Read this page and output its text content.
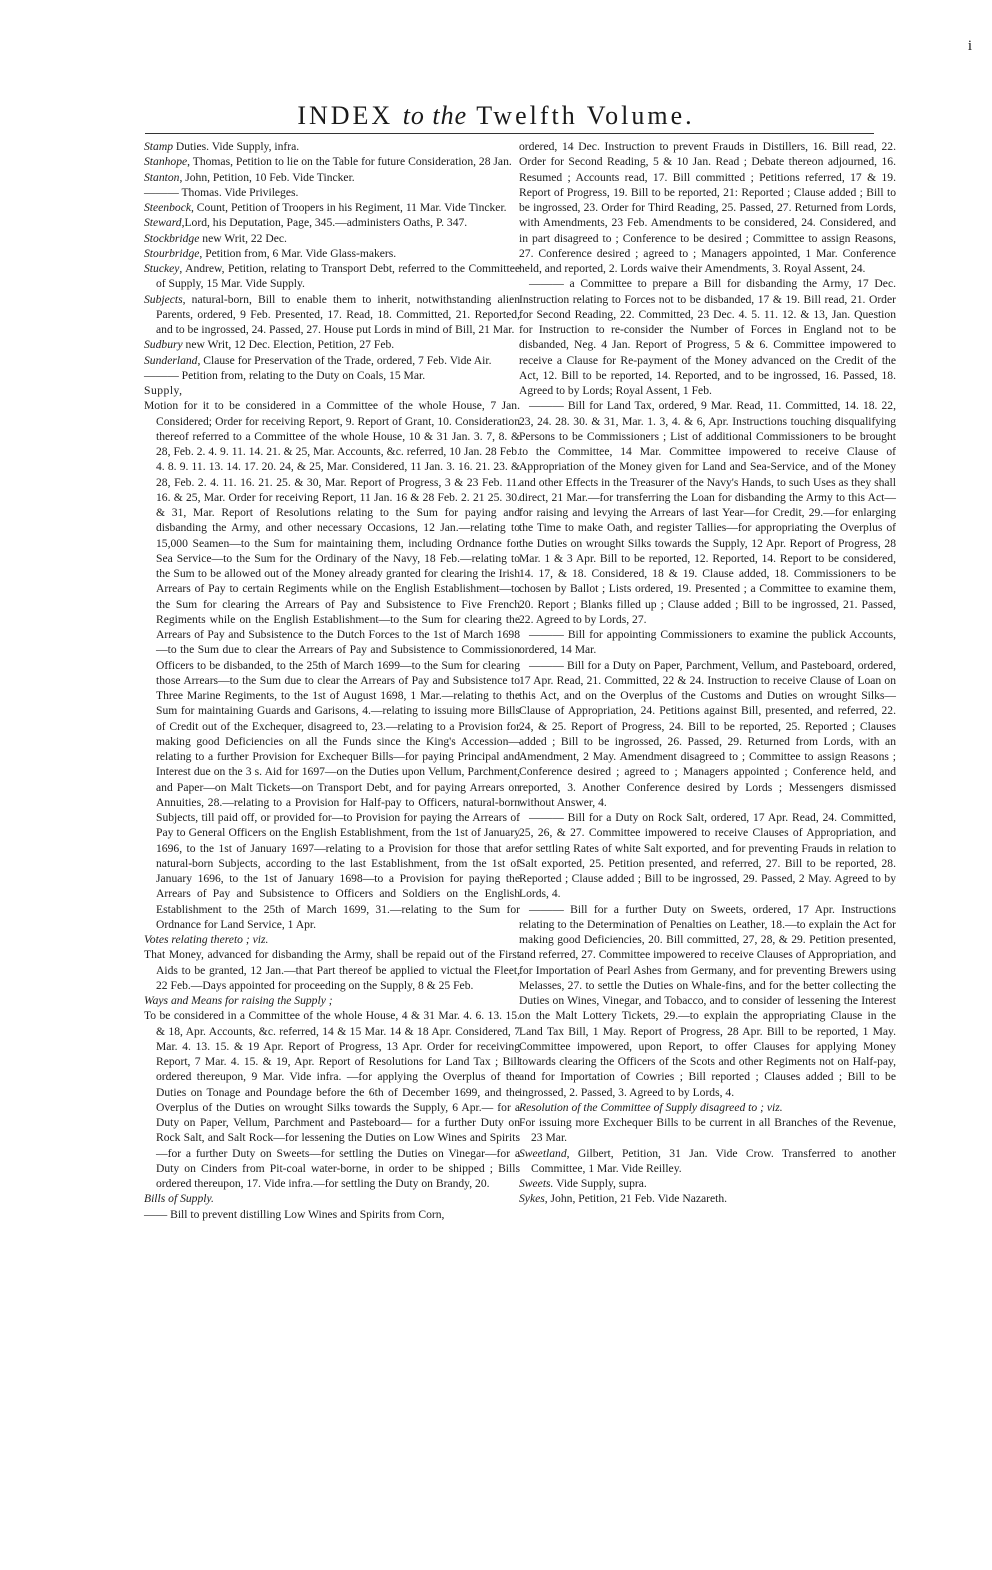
i
INDEX to the Twelfth Volume.

Stamp Duties. Vide Supply, infra.

Stanhope, Thomas, Petition to lie on the Table for future Consideration, 28 Jan.

Stanton, John, Petition, 10 Feb. Vide Tincker.

——— Thomas. Vide Privileges.

Steenbock, Count, Petition of Troopers in his Regiment, 11 Mar. Vide Tincker.

Steward,Lord, his Deputation, Page, 345.—administers Oaths, P. 347.

Stockbridge new Writ, 22 Dec.

Stourbridge, Petition from, 6 Mar. Vide Glass-makers.

Stuckey, Andrew, Petition, relating to Transport Debt, referred to the Committee of Supply, 15 Mar. Vide Supply.

Subjects, natural-born, Bill to enable them to inherit, notwithstanding alien Parents, ordered, 9 Feb. Presented, 17. Read, 18. Committed, 21. Reported, and to be ingrossed, 24. Passed, 27. House put Lords in mind of Bill, 21 Mar.

Sudbury new Writ, 12 Dec. Election, Petition, 27 Feb.

Sunderland, Clause for Preservation of the Trade, ordered, 7 Feb. Vide Air.

——— Petition from, relating to the Duty on Coals, 15 Mar.

Supply,

Motion for it to be considered in a Committee of the whole House, 7 Jan. Considered; Order for receiving Report, 9. Report of Grant, 10. Consideration thereof referred to a Committee of the whole House, 10 & 31 Jan. 3. 7, 8. & 28, Feb. 2. 4. 9. 11. 14. 21. & 25, Mar. Accounts, &c. referred, 10 Jan. 28 Feb. 4. 8. 9. 11. 13. 14. 17. 20. 24, & 25, Mar. Considered, 11 Jan. 3. 16. 21. 23. & 28, Feb. 2. 4. 11. 16. 21. 25. & 30, Mar. Report of Progress, 3 & 23 Feb. 11. 16. & 25, Mar. Order for receiving Report, 11 Jan. 16 & 28 Feb. 2. 21 25. 30. & 31, Mar. Report of Resolutions relating to the Sum for paying and disbanding the Army, and other necessary Occasions, 12 Jan.—relating to 15,000 Seamen—to the Sum for maintaining them, including Ordnance for Sea Service—to the Sum for the Ordinary of the Navy, 18 Feb.—relating to the Sum to be allowed out of the Money already granted for clearing the Irish Arrears of Pay to certain Regiments while on the English Establishment—to the Sum for clearing the Arrears of Pay and Subsistence to Five French Regiments while on the English Establishment—to the Sum for clearing the Arrears of Pay and Subsistence to the Dutch Forces to the 1st of March 1698—to the Sum due to clear the Arrears of Pay and Subsistence to Commission Officers to be disbanded, to the 25th of March 1699—to the Sum for clearing those Arrears—to the Sum due to clear the Arrears of Pay and Subsistence to Three Marine Regiments, to the 1st of August 1698, 1 Mar.—relating to the Sum for maintaining Guards and Garisons, 4.—relating to issuing more Bills of Credit out of the Exchequer, disagreed to, 23.—relating to a Provision for making good Deficiencies on all the Funds since the King's Accession—relating to a further Provision for Exchequer Bills—for paying Principal and Interest due on the 3 s. Aid for 1697—on the Duties upon Vellum, Parchment, and Paper—on Malt Tickets—on Transport Debt, and for paying Arrears on Annuities, 28.—relating to a Provision for Half-pay to Officers, natural-born Subjects, till paid off, or provided for—to Provision for paying the Arrears of Pay to General Officers on the English Establishment, from the 1st of January 1696, to the 1st of January 1697—relating to a Provision for those that are natural-born Subjects, according to the last Establishment, from the 1st of January 1696, to the 1st of January 1698—to a Provision for paying the Arrears of Pay and Subsistence to Officers and Soldiers on the English Establishment to the 25th of March 1699, 31.—relating to the Sum for Ordnance for Land Service, 1 Apr.

Votes relating thereto ; viz.

That Money, advanced for disbanding the Army, shall be repaid out of the First Aids to be granted, 12 Jan.—that Part thereof be applied to victual the Fleet, 22 Feb.—Days appointed for proceeding on the Supply, 8 & 25 Feb.

Ways and Means for raising the Supply ;

To be considered in a Committee of the whole House, 4 & 31 Mar. 4. 6. 13. 15. & 18, Apr. Accounts, &c. referred, 14 & 15 Mar. 14 & 18 Apr. Considered, 7 Mar. 4. 13. 15. & 19 Apr. Report of Progress, 13 Apr. Order for receiving Report, 7 Mar. 4. 15. & 19, Apr. Report of Resolutions for Land Tax ; Bill ordered thereupon, 9 Mar. Vide infra. —for applying the Overplus of the Duties on Tonage and Poundage before the 6th of December 1699, and the Overplus of the Duties on wrought Silks towards the Supply, 6 Apr.— for a Duty on Paper, Vellum, Parchment and Pasteboard— for a further Duty on Rock Salt, and Salt Rock—for lessening the Duties on Low Wines and Spirits—for a further Duty on Sweets—for settling the Duties on Vinegar—for a Duty on Cinders from Pit-coal water-borne, in order to be shipped ; Bills ordered thereupon, 17. Vide infra.—for settling the Duty on Brandy, 20.

Bills of Supply.

—— Bill to prevent distilling Low Wines and Spirits from Corn,

ordered, 14 Dec. Instruction to prevent Frauds in Distillers, 16. Bill read, 22. Order for Second Reading, 5 & 10 Jan. Read ; Debate thereon adjourned, 16. Resumed ; Accounts read, 17. Bill committed ; Petitions referred, 17 & 19. Report of Progress, 19. Bill to be reported, 21: Reported ; Clause added ; Bill to be ingrossed, 23. Order for Third Reading, 25. Passed, 27. Returned from Lords, with Amendments, 23 Feb. Amendments to be considered, 24. Considered, and in part disagreed to ; Conference to be desired ; Committee to assign Reasons, 27. Conference desired ; agreed to ; Managers appointed, 1 Mar. Conference held, and reported, 2. Lords waive their Amendments, 3. Royal Assent, 24.

——— a Committee to prepare a Bill for disbanding the Army, 17 Dec. Instruction relating to Forces not to be disbanded, 17 & 19. Bill read, 21. Order for Second Reading, 22. Committed, 23 Dec. 4. 5. 11. 12. & 13, Jan. Question for Instruction to re-consider the Number of Forces in England not to be disbanded, Neg. 4 Jan. Report of Progress, 5 & 6. Committee impowered to receive a Clause for Re-payment of the Money advanced on the Credit of the Act, 12. Bill to be reported, 14. Reported, and to be ingrossed, 16. Passed, 18. Agreed to by Lords; Royal Assent, 1 Feb.

——— Bill for Land Tax, ordered, 9 Mar. Read, 11. Committed, 14. 18. 22, 23, 24. 28. 30. & 31, Mar. 1. 3, 4. & 6, Apr. Instructions touching disqualifying Persons to be Commissioners ; List of additional Commissioners to be brought to the Committee, 14 Mar. Committee impowered to receive Clause of Appropriation of the Money given for Land and Sea-Service, and of the Money and other Effects in the Treasurer of the Navy's Hands, to such Uses as they shall direct, 21 Mar.—for transferring the Loan for disbanding the Army to this Act—for raising and levying the Arrears of last Year—for Credit, 29.—for enlarging the Time to make Oath, and register Tallies—for appropriating the Overplus of the Duties on wrought Silks towards the Supply, 12 Apr. Report of Progress, 28 Mar. 1 & 3 Apr. Bill to be reported, 12. Reported, 14. Report to be considered, 14. 17, & 18. Considered, 18 & 19. Clause added, 18. Commissioners to be chosen by Ballot ; Lists ordered, 19. Presented ; a Committee to examine them, 20. Report ; Blanks filled up ; Clause added ; Bill to be ingrossed, 21. Passed, 22. Agreed to by Lords, 27.

——— Bill for appointing Commissioners to examine the publick Accounts, ordered, 14 Mar.

——— Bill for a Duty on Paper, Parchment, Vellum, and Pasteboard, ordered, 17 Apr. Read, 21. Committed, 22 & 24. Instruction to receive Clause of Loan on this Act, and on the Overplus of the Customs and Duties on wrought Silks—Clause of Appropriation, 24. Petitions against Bill, presented, and referred, 22. 24, & 25. Report of Progress, 24. Bill to be reported, 25. Reported ; Clauses added ; Bill to be ingrossed, 26. Passed, 29. Returned from Lords, with an Amendment, 2 May. Amendment disagreed to ; Committee to assign Reasons ; Conference desired ; agreed to ; Managers appointed ; Conference held, and reported, 3. Another Conference desired by Lords ; Messengers dismissed without Answer, 4.

——— Bill for a Duty on Rock Salt, ordered, 17 Apr. Read, 24. Committed, 25, 26, & 27. Committee impowered to receive Clauses of Appropriation, and for settling Rates of white Salt exported, and for preventing Frauds in relation to Salt exported, 25. Petition presented, and referred, 27. Bill to be reported, 28. Reported ; Clause added ; Bill to be ingrossed, 29. Passed, 2 May. Agreed to by Lords, 4.

——— Bill for a further Duty on Sweets, ordered, 17 Apr. Instructions relating to the Determination of Penalties on Leather, 18.—to explain the Act for making good Deficiencies, 20. Bill committed, 27, 28, & 29. Petition presented, and referred, 27. Committee impowered to receive Clauses of Appropriation, and for Importation of Pearl Ashes from Germany, and for preventing Brewers using Melasses, 27. to settle the Duties on Whale-fins, and for the better collecting the Duties on Wines, Vinegar, and Tobacco, and to consider of lessening the Interest on the Malt Lottery Tickets, 29.—to explain the appropriating Clause in the Land Tax Bill, 1 May. Report of Progress, 28 Apr. Bill to be reported, 1 May. Committee impowered, upon Report, to offer Clauses for applying Money towards clearing the Officers of the Scots and other Regiments not on Half-pay, and for Importation of Cowries ; Bill reported ; Clauses added ; Bill to be ingrossed, 2. Passed, 3. Agreed to by Lords, 4.

Resolution of the Committee of Supply disagreed to ; viz.

For issuing more Exchequer Bills to be current in all Branches of the Revenue, 23 Mar.

Sweetland, Gilbert, Petition, 31 Jan. Vide Crow. Transferred to another Committee, 1 Mar. Vide Reilley.

Sweets. Vide Supply, supra.

Sykes, John, Petition, 21 Feb. Vide Nazareth.
